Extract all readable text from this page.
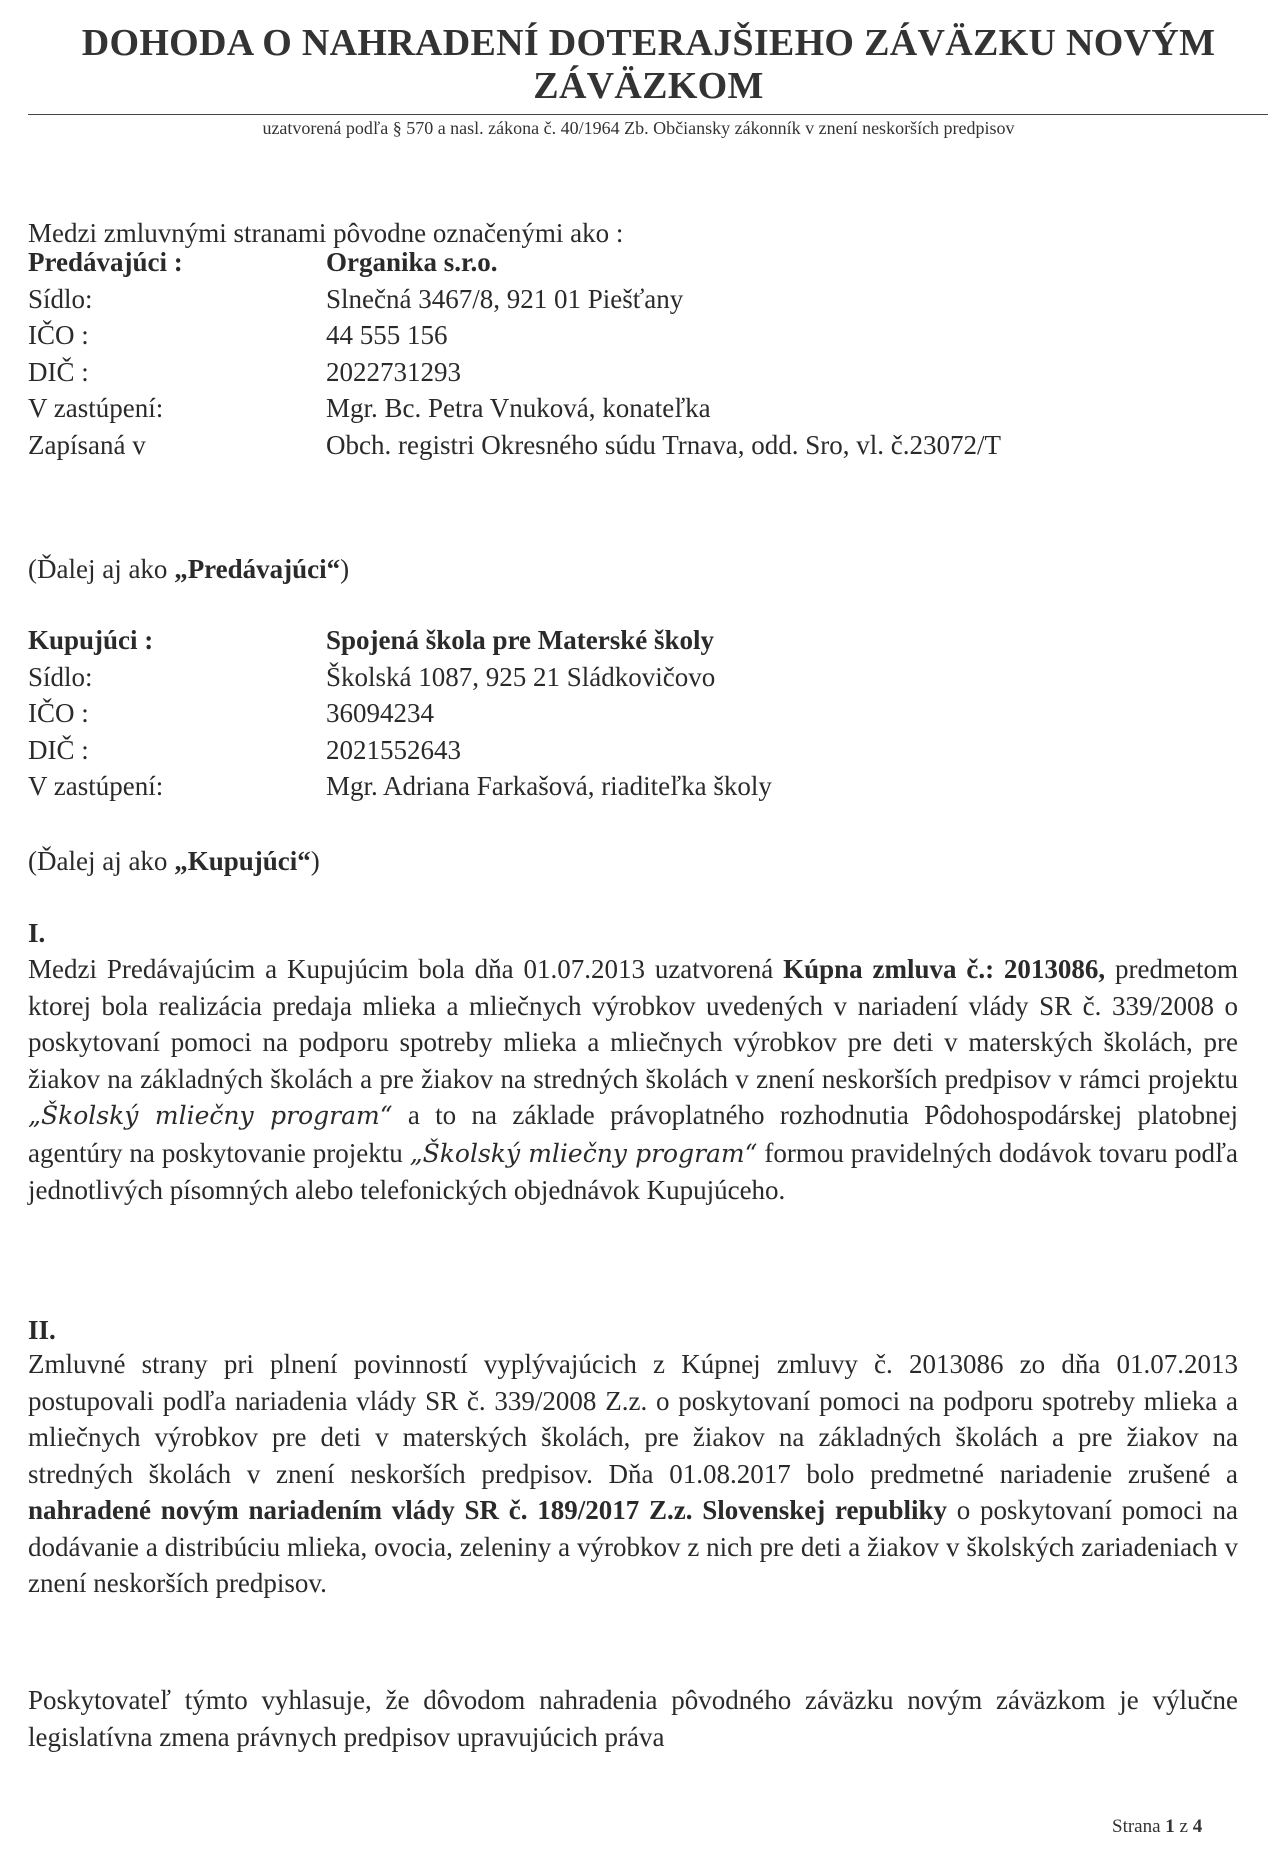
DOHODA O NAHRADENÍ DOTERAJŠIEHO ZÁVÄZKU NOVÝM ZÁVÄZKOM
uzatvorená podľa § 570 a nasl. zákona č. 40/1964 Zb. Občiansky zákonník v znení neskorších predpisov
Medzi zmluvnými stranami pôvodne označenými ako :
Predávajúci :	Organika s.r.o.
Sídlo:	Slnečná 3467/8, 921 01 Piešťany
IČO :	44 555 156
DIČ :	2022731293
V zastúpení:	Mgr. Bc. Petra Vnuková, konateľka
Zapísaná v	Obch. registri Okresného súdu Trnava, odd. Sro, vl. č.23072/T
(Ďalej aj ako „Predávajúci“)
Kupujúci :	Spojená škola pre Materské školy
Sídlo:	Školská 1087, 925 21 Sládkovičovo
IČO :	36094234
DIČ :	2021552643
V zastúpení:	Mgr. Adriana Farkašová, riaditeľka školy
(Ďalej aj ako „Kupujúci“)
I.
Medzi Predávajúcim a Kupujúcim bola dňa 01.07.2013 uzatvorená Kúpna zmluva č.: 2013086, predmetom ktorej bola realizácia predaja mlieka a mliečnych výrobkov uvedených v nariadení vlády SR č. 339/2008 o poskytovaní pomoci na podporu spotreby mlieka a mliečnych výrobkov pre deti v materských školách, pre žiakov na základných školách a pre žiakov na stredných školách v znení neskorších predpisov v rámci projektu „Školský mliečny program“ a to na základe právoplatného rozhodnutia Pôdohospodárskej platobnej agentúry na poskytovanie projektu „Školský mliečny program“ formou pravidelných dodávok tovaru podľa jednotlivých písomných alebo telefonických objednávok Kupujúceho.
II.
Zmluvné strany pri plnení povinností vyplývajúcich z Kúpnej zmluvy č. 2013086 zo dňa 01.07.2013 postupovali podľa nariadenia vlády SR č. 339/2008 Z.z. o poskytovaní pomoci na podporu spotreby mlieka a mliečnych výrobkov pre deti v materských školách, pre žiakov na základných školách a pre žiakov na stredných školách v znení neskorších predpisov. Dňa 01.08.2017 bolo predmetné nariadenie zrušené a nahradené novým nariadením vlády SR č. 189/2017 Z.z. Slovenskej republiky o poskytovaní pomoci na dodávanie a distribúciu mlieka, ovocia, zeleniny a výrobkov z nich pre deti a žiakov v školských zariadeniach v znení neskorších predpisov.
Poskytovateľ týmto vyhlasuje, že dôvodom nahradenia pôvodného záväzku novým záväzkom je výlučne legislatívna zmena právnych predpisov upravujúcich práva
Strana 1 z 4
